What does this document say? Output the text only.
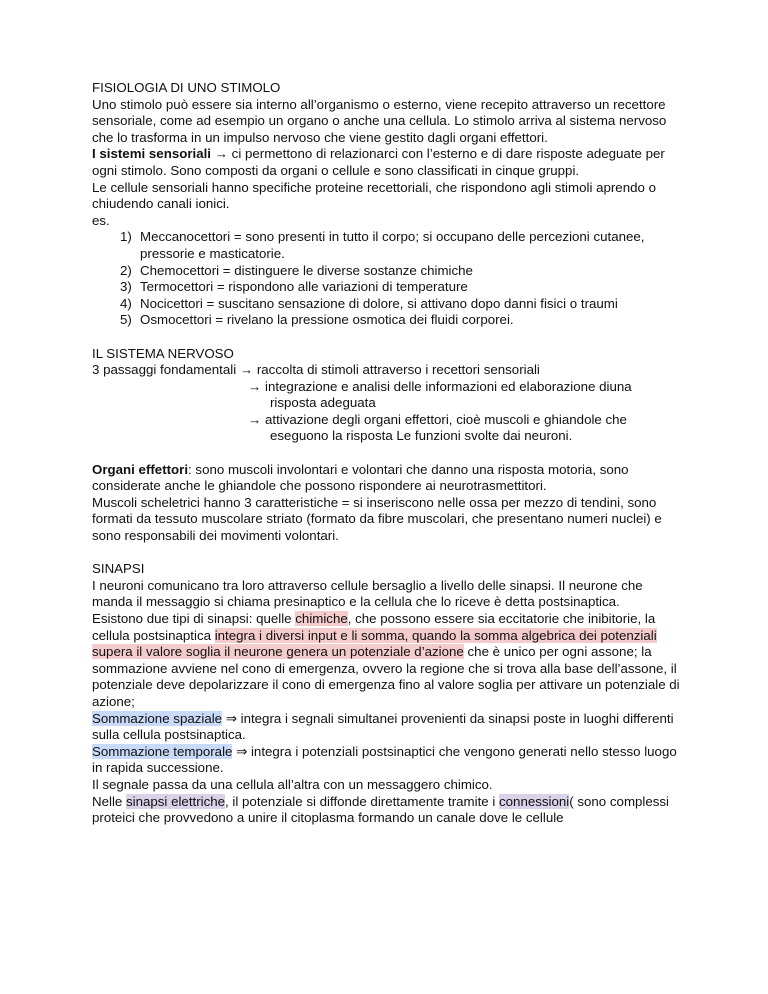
FISIOLOGIA DI UNO STIMOLO

Uno stimolo può essere sia interno all’organismo o esterno, viene recepito attraverso un recettore sensoriale, come ad esempio un organo o anche una cellula. Lo stimolo arriva al sistema nervoso che lo trasforma in un impulso nervoso che viene gestito dagli organi effettori.

I sistemi sensoriali → ci permettono di relazionarci con l’esterno e di dare risposte adeguate per ogni stimolo. Sono composti da organi o cellule e sono classificati in cinque gruppi.

Le cellule sensoriali hanno specifiche proteine recettoriali, che rispondono agli stimoli aprendo o chiudendo canali ionici.

es.

1) Meccanocettori = sono presenti in tutto il corpo; si occupano delle percezioni cutanee, pressorie e masticatorie.
2) Chemocettori = distinguere le diverse sostanze chimiche
3) Termocettori = rispondono alle variazioni di temperature
4) Nocicettori = suscitano sensazione di dolore, si attivano dopo danni fisici o traumi
5) Osmocettori = rivelano la pressione osmotica dei fluidi corporei.

IL SISTEMA NERVOSO

3 passaggi fondamentali → raccolta di stimoli attraverso i recettori sensoriali

→ integrazione e analisi delle informazioni ed elaborazione diuna
risposta adeguata
→ attivazione degli organi effettori, cioè muscoli e ghiandole che
eseguono la risposta Le funzioni svolte dai neuroni.

Organi effettori: sono muscoli involontari e volontari che danno una risposta motoria, sono considerate anche le ghiandole che possono rispondere ai neurotrasmettitori.

Muscoli scheletrici hanno 3 caratteristiche = si inseriscono nelle ossa per mezzo di tendini, sono formati da tessuto muscolare striato (formato da fibre muscolari, che presentano numeri nuclei) e sono responsabili dei movimenti volontari.

SINAPSI

I neuroni comunicano tra loro attraverso cellule bersaglio a livello delle sinapsi. Il neurone che manda il messaggio si chiama presinaptico e la cellula che lo riceve è detta postsinaptica.

Esistono due tipi di sinapsi: quelle chimiche, che possono essere sia eccitatorie che inibitorie, la cellula postsinaptica integra i diversi input e li somma, quando la somma algebrica dei potenziali supera il valore soglia il neurone genera un potenziale d’azione che è unico per ogni assone; la sommazione avviene nel cono di emergenza, ovvero la regione che si trova alla base dell’assone, il potenziale deve depolarizzare il cono di emergenza fino al valore soglia per attivare un potenziale di azione;

Sommazione spaziale ⇒ integra i segnali simultanei provenienti da sinapsi poste in luoghi differenti sulla cellula postsinaptica.

Sommazione temporale ⇒ integra i potenziali postsinaptici che vengono generati nello stesso luogo in rapida successione.

Il segnale passa da una cellula all’altra con un messaggero chimico.

Nelle sinapsi elettriche, il potenziale si diffonde direttamente tramite i connessioni( sono complessi proteici che provvedono a unire il citoplasma formando un canale dove le cellule
